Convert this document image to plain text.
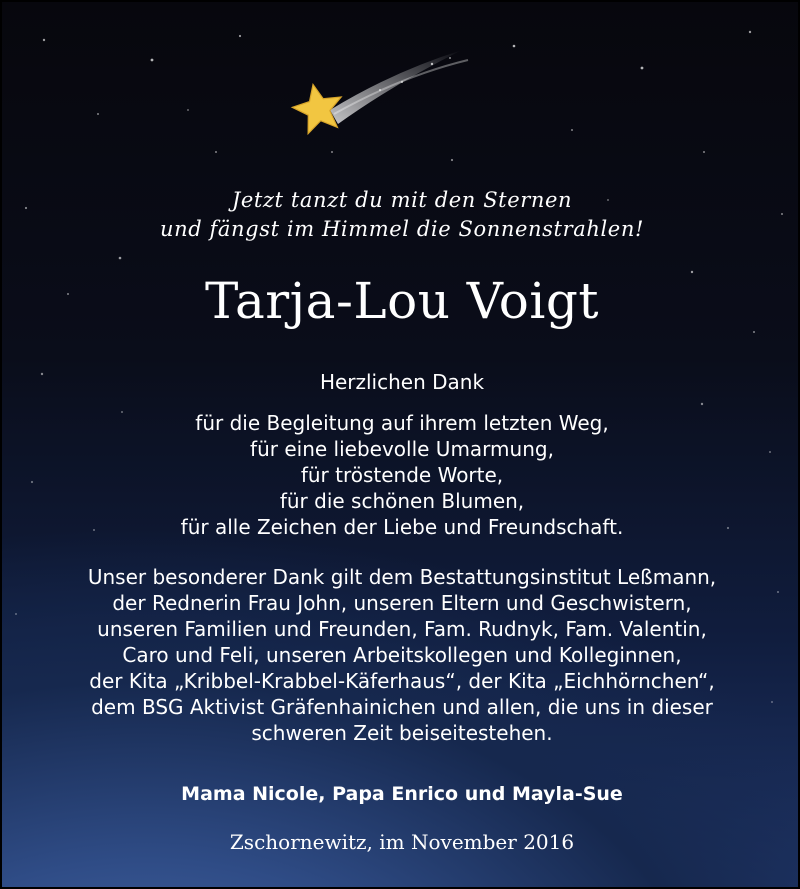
Jetzt tanzt du mit den Sternen
und fängst im Himmel die Sonnenstrahlen!
Tarja-Lou Voigt
Herzlichen Dank
für die Begleitung auf ihrem letzten Weg,
für eine liebevolle Umarmung,
für tröstende Worte,
für die schönen Blumen,
für alle Zeichen der Liebe und Freundschaft.
Unser besonderer Dank gilt dem Bestattungsinstitut Leßmann,
der Rednerin Frau John, unseren Eltern und Geschwistern,
unseren Familien und Freunden, Fam. Rudnyk, Fam. Valentin,
Caro und Feli, unseren Arbeitskollegen und Kolleginnen,
der Kita „Kribbel-Krabbel-Käferhaus“, der Kita „Eichhörnchen“,
dem BSG Aktivist Gräfenhainichen und allen, die uns in dieser
schweren Zeit beiseitestehen.
Mama Nicole, Papa Enrico und Mayla-Sue
Zschornewitz, im November 2016
